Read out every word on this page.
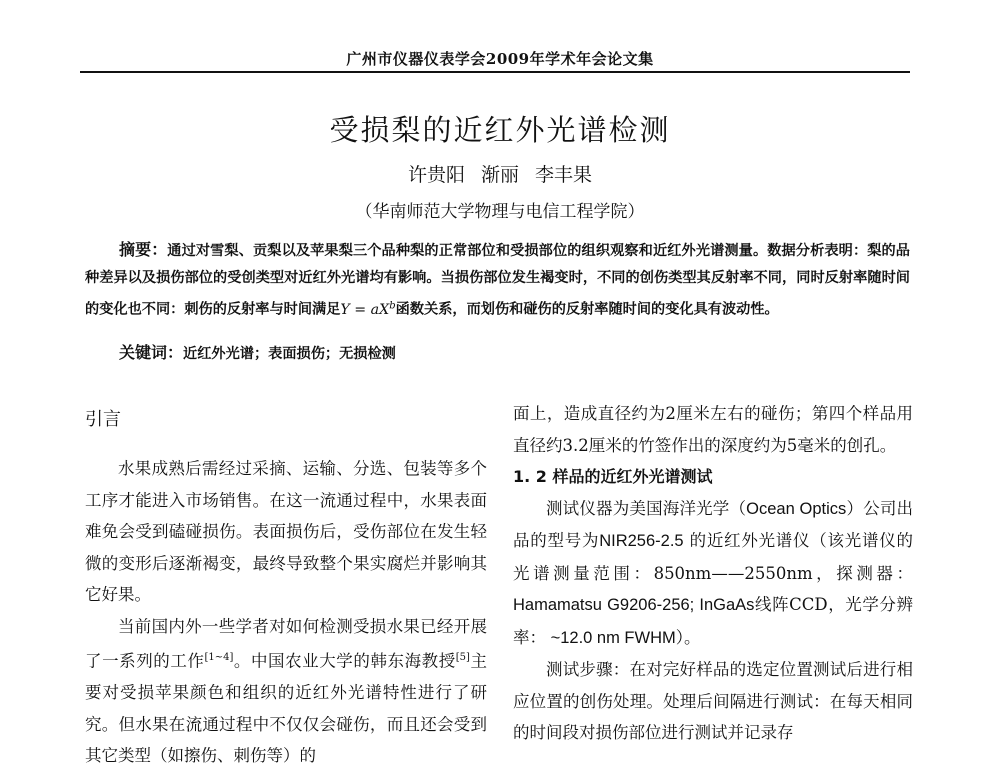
广州市仪器仪表学会2009年学术年会论文集
受损梨的近红外光谱检测
许贵阳 渐丽 李丰果
（华南师范大学物理与电信工程学院）

摘要：通过对雪梨、贡梨以及苹果梨三个品种梨的正常部位和受损部位的组织观察和近红外光谱测量。数据分析表明：梨的品种差异以及损伤部位的受创类型对近红外光谱均有影响。当损伤部位发生褐变时，不同的创伤类型其反射率不同，同时反射率随时间的变化也不同：刺伤的反射率与时间满足$Y = aX^b$函数关系，而划伤和碰伤的反射率随时间的变化具有波动性。

关键词：近红外光谱；表面损伤；无损检测

引言

水果成熟后需经过采摘、运输、分选、包装等多个工序才能进入市场销售。在这一流通过程中，水果表面难免会受到磕碰损伤。表面损伤后，受伤部位在发生轻微的变形后逐渐褐变，最终导致整个果实腐烂并影响其它好果。

当前国内外一些学者对如何检测受损水果已经开展了一系列的工作[1~4]。中国农业大学的韩东海教授[5]主要对受损苹果颜色和组织的近红外光谱特性进行了研究。但水果在流通过程中不仅仅会碰伤，而且还会受到其它类型（如擦伤、刺伤等）的

面上，造成直径约为2厘米左右的碰伤；第四个样品用直径约3.2厘米的竹签作出的深度约为5毫米的创孔。

1. 2 样品的近红外光谱测试

测试仪器为美国海洋光学（Ocean Optics）公司出品的型号为NIR256-2.5 的近红外光谱仪（该光谱仪的光谱测量范围：850nm——2550nm，探测器：Hamamatsu G9206-256; InGaAs线阵CCD，光学分辨率： ~12.0 nm FWHM）。

测试步骤：在对完好样品的选定位置测试后进行相应位置的创伤处理。处理后间隔进行测试：在每天相同的时间段对损伤部位进行测试并记录存
